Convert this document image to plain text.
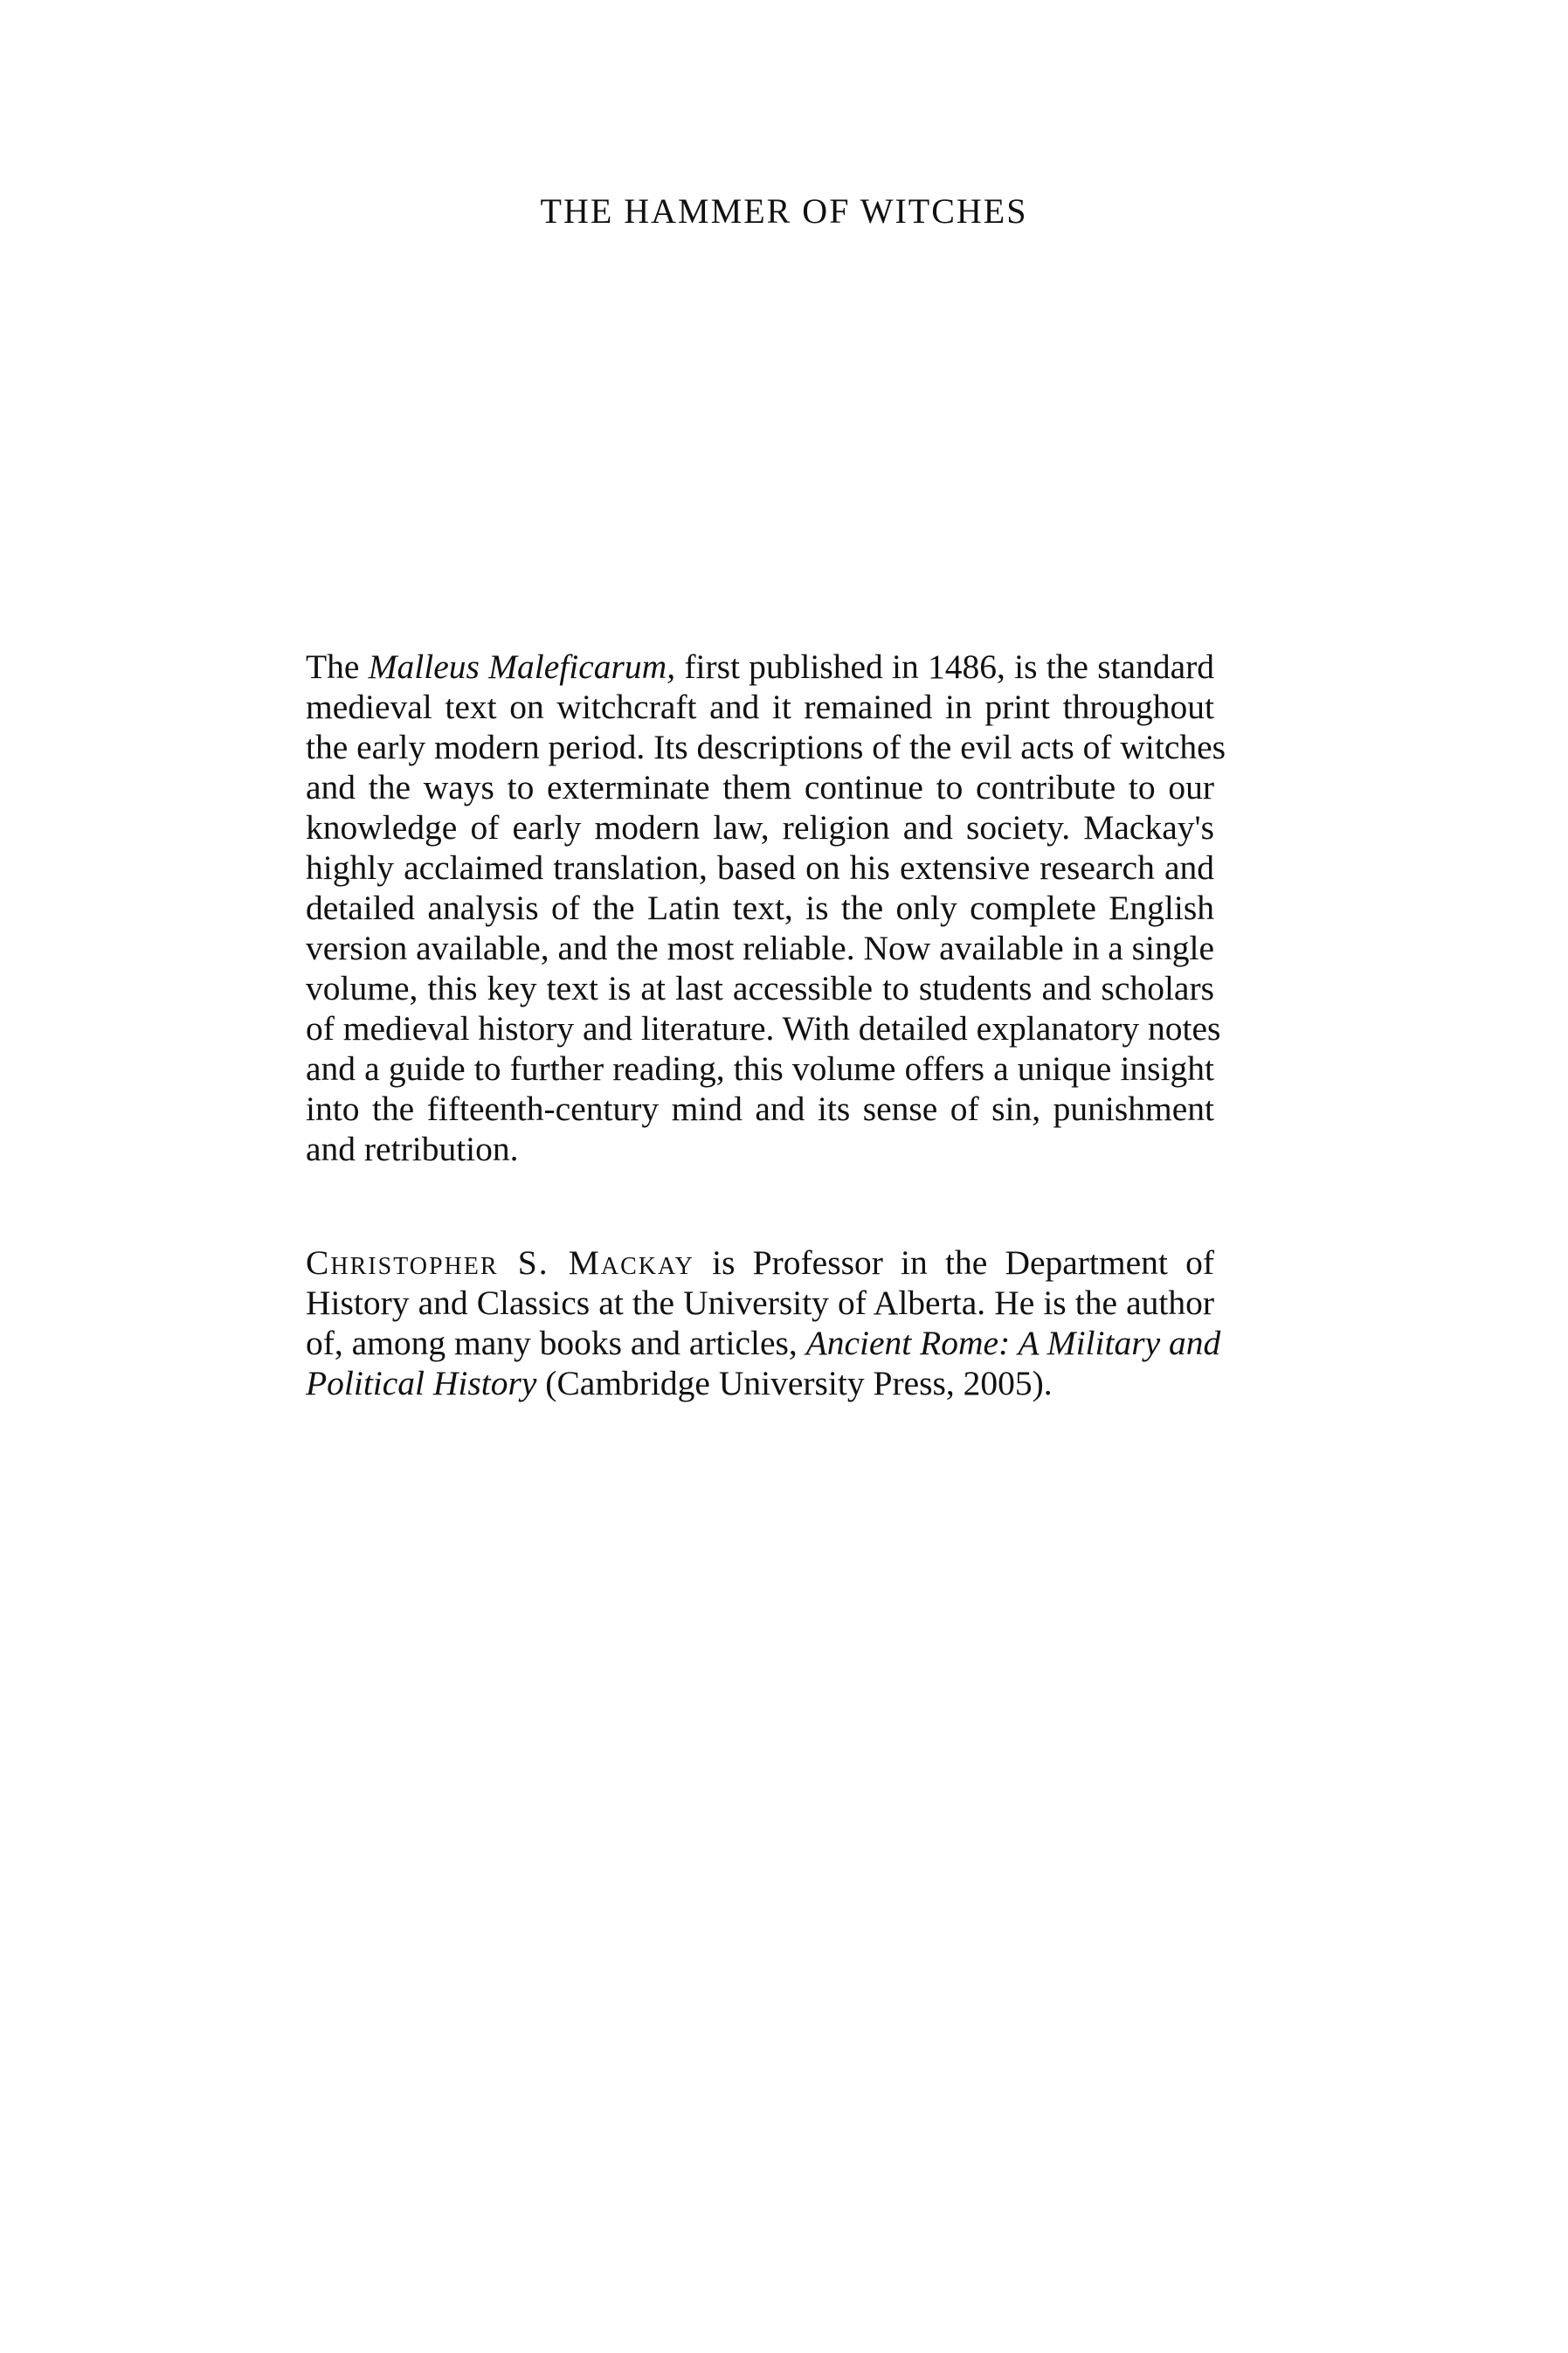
THE HAMMER OF WITCHES
The Malleus Maleficarum, first published in 1486, is the standard
medieval text on witchcraft and it remained in print throughout
the early modern period. Its descriptions of the evil acts of witches
and the ways to exterminate them continue to contribute to our
knowledge of early modern law, religion and society. Mackay's
highly acclaimed translation, based on his extensive research and
detailed analysis of the Latin text, is the only complete English
version available, and the most reliable. Now available in a single
volume, this key text is at last accessible to students and scholars
of medieval history and literature. With detailed explanatory notes
and a guide to further reading, this volume offers a unique insight
into the fifteenth-century mind and its sense of sin, punishment
and retribution.
Christopher S. Mackay is Professor in the Department of
History and Classics at the University of Alberta. He is the author
of, among many books and articles, Ancient Rome: A Military and
Political History (Cambridge University Press, 2005).
